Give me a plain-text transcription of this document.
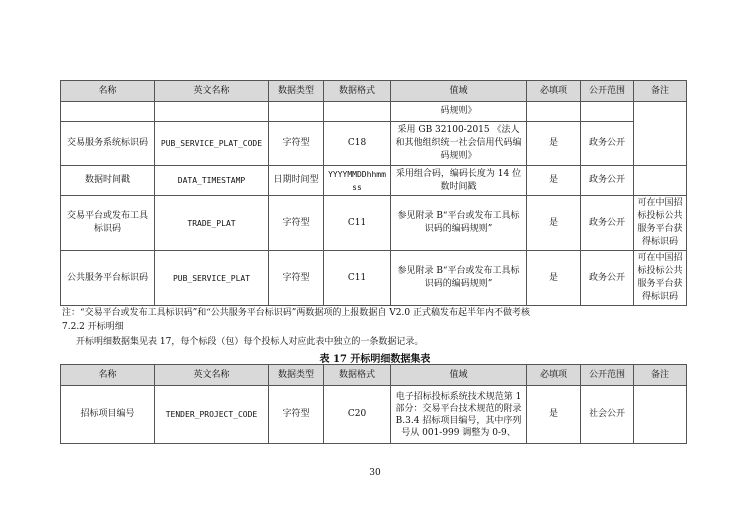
名称	英文名称	数据类型	数据格式	值域	必填项	公开范围	备注
				码规则》			
交易服务系统标识码	PUB_SERVICE_PLAT_CODE	字符型	C18	采用 GB 32100-2015 《法人和其他组织统一社会信用代码编码规则》	是	政务公开	
数据时间戳	DATA_TIMESTAMP	日期时间型	YYYYMMDDhhmmss	采用组合码，编码长度为 14 位数时间戳	是	政务公开	
交易平台或发布工具标识码	TRADE_PLAT	字符型	C11	参见附录 B“平台或发布工具标识码的编码规则”	是	政务公开	可在中国招标投标公共服务平台获得标识码
公共服务平台标识码	PUB_SERVICE_PLAT	字符型	C11	参见附录 B“平台或发布工具标识码的编码规则”	是	政务公开	可在中国招标投标公共服务平台获得标识码
注：“交易平台或发布工具标识码”和“公共服务平台标识码”两数据项的上报数据自 V2.0 正式稿发布起半年内不做考核
7.2.2 开标明细
开标明细数据集见表 17，每个标段（包）每个投标人对应此表中独立的一条数据记录。
表 17 开标明细数据集表
名称	英文名称	数据类型	数据格式	值域	必填项	公开范围	备注
招标项目编号	TENDER_PROJECT_CODE	字符型	C20	电子招标投标系统技术规范第 1 部分：交易平台技术规范的附录 B.3.4 招标项目编号，其中序列号从 001-999 调整为 0-9、	是	社会公开	
30
